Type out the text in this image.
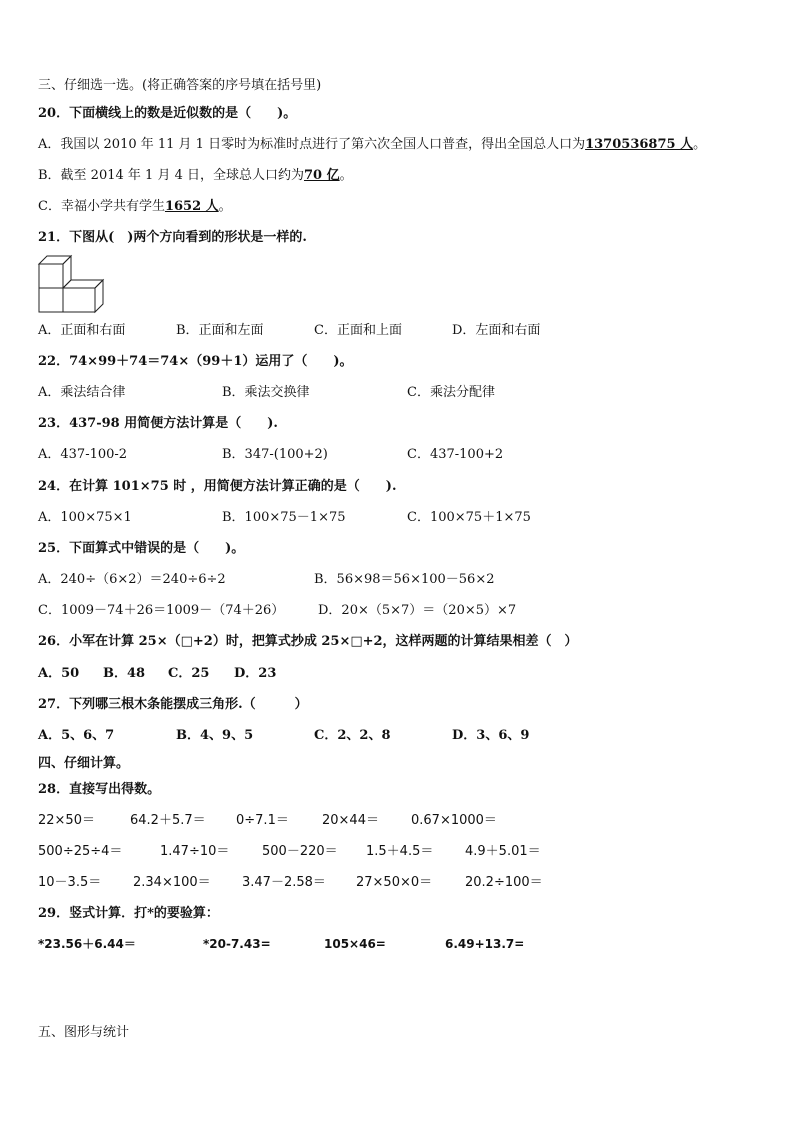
三、仔细选一选。(将正确答案的序号填在括号里)
20．下面横线上的数是近似数的是（　　)。
A．我国以 2010 年 11 月 1 日零时为标准时点进行了第六次全国人口普查，得出全国总人口为1370536875 人。
B．截至 2014 年 1 月 4 日，全球总人口约为70 亿。
C．幸福小学共有学生1652 人。
21．下图从(　)两个方向看到的形状是一样的.
A．正面和右面	B．正面和左面	C．正面和上面	D．左面和右面
22．74×99＋74＝74×（99＋1）运用了（　　)。
A．乘法结合律	B．乘法交换律	C．乘法分配律
23．437-98 用简便方法计算是（　　).
A．437-100-2	B．347-(100+2)	C．437-100+2
24．在计算 101×75 时 ，用简便方法计算正确的是（　　).
A．100×75×1	B．100×75－1×75	C．100×75＋1×75
25．下面算式中错误的是（　　)。
A．240÷（6×2）＝240÷6÷2	B．56×98＝56×100－56×2
C．1009－74＋26＝1009－（74＋26）	D．20×（5×7）＝（20×5）×7
26．小军在计算 25×（□+2）时，把算式抄成 25×□+2，这样两题的计算结果相差（　）
A．50 B．48 C．25 D．23
27．下列哪三根木条能摆成三角形.（　　　）
A．5、6、7	B．4、9、5	C．2、2、8	D．3、6、9
四、仔细计算。
28．直接写出得数。
22×50＝	64.2＋5.7＝ 0÷7.1＝	20×44＝ 0.67×1000＝
500÷25÷4＝	1.47÷10＝	500－220＝ 1.5＋4.5＝ 4.9＋5.01＝
10－3.5＝ 2.34×100＝ 3.47－2.58＝ 27×50×0＝	20.2÷100＝
29．竖式计算．打*的要验算：
*23.56＋6.44＝	*20-7.43=	105×46=	6.49+13.7=
五、图形与统计
